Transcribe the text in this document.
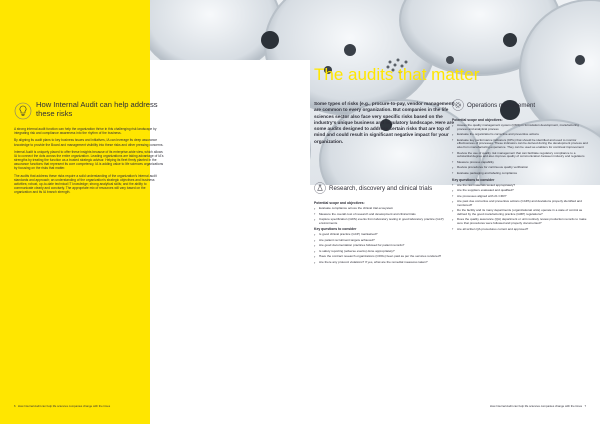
How Internal Audit can help address these risks

A strong internal audit function can help the organization thrive in this challenging risk landscape by integrating risk and compliance awareness into the rhythm of the business.

By aligning its audit plans to key business issues and initiatives, IA can leverage its deep assurance knowledge to provide the Board and management visibility into these risks and other pressing concerns.

Internal Audit is uniquely placed to offer these insights because of its enterprise-wide view, which allows IA to connect the dots across the entire organization. Leading organizations are taking advantage of IA's strengths by treating the function as a trusted strategic advisor. Helping its fleet firmly planted in the assurance functions that represent its core competency, IA is adding value to life sciences organizations by focusing on the risks that matter.

The audits that address these risks require a solid understanding of the organization's internal audit standards and approach; an understanding of the organization's strategic objectives and business activities; robust, up-to-date technical IT knowledge; strong analytical skills; and the ability to communicate clearly and concisely. The appropriate mix of resources will vary based on the organization and its IA branch strength.

The audits that matter
Some types of risks (e.g., procure-to-pay, vendor management) are common to every organization. But companies in the life sciences sector also face very specific risks based on the industry's unique business and regulatory landscape. Here are some audits designed to address certain risks that are top of mind and could result in significant negative impact for your organization.
Research, discovery and clinical trials
Potential scope and objectives:
› Evaluate compliance across the clinical trial ecosystem
› Measure the overall cost of research and development and clinical trials
› Capture specification (GDS) events from laboratory testing in good laboratory practice (GLP) environments
Key questions to consider
› Is good clinical practice (GCP) maintained?
› Are patient recruitment targets achieved?
› Are good documentation practices followed for patient records?
› Is safety reporting (adverse events) done appropriately?
› Have the contract research organizations (CROs) been paid as per the services rendered?
› Are there any protocol violations? If yes, what are the remedial measures taken?
Operations management
Potential scope and objectives:
› Assess the quality management system (QMS) in formulation development, manufacturing process and analytical process
› Evaluate the organization's corrective and preventive actions
› Evaluate key performance indicators (KPIs) that should be identified and used to monitor effectiveness of processes. These indicators can be derived during the development process and also from manufacturing experience. They can be used as enablers for continual improvement
› Review the use of quality risk management that can facilitate regulatory compliance to a substantial degree and also improve quality of communication between industry and regulators
› Measure process capability
› Review procedures for continuous quality verification
› Evaluate packaging and labeling compliance
Key questions to consider
› Are the raw materials tested appropriately?
› Are the suppliers evaluated and qualified?
› Are processes aligned with 21 CFR?
› Are past due corrective and preventive actions (CAPA) and deviations properly identified and monitored?
› Do the facility and its many departments (organizational units) operate in a state of control as defined by the good manufacturing practice (GMP) regulations?
› Does the quality assurance (QA) department or unit routinely review production records to make sure that procedures were followed and properly documented?
› Are all written QA procedures current and approved?
6 How Internal Audit can help life sciences companies change with the times	How Internal Audit can help life sciences companies change with the times 7
